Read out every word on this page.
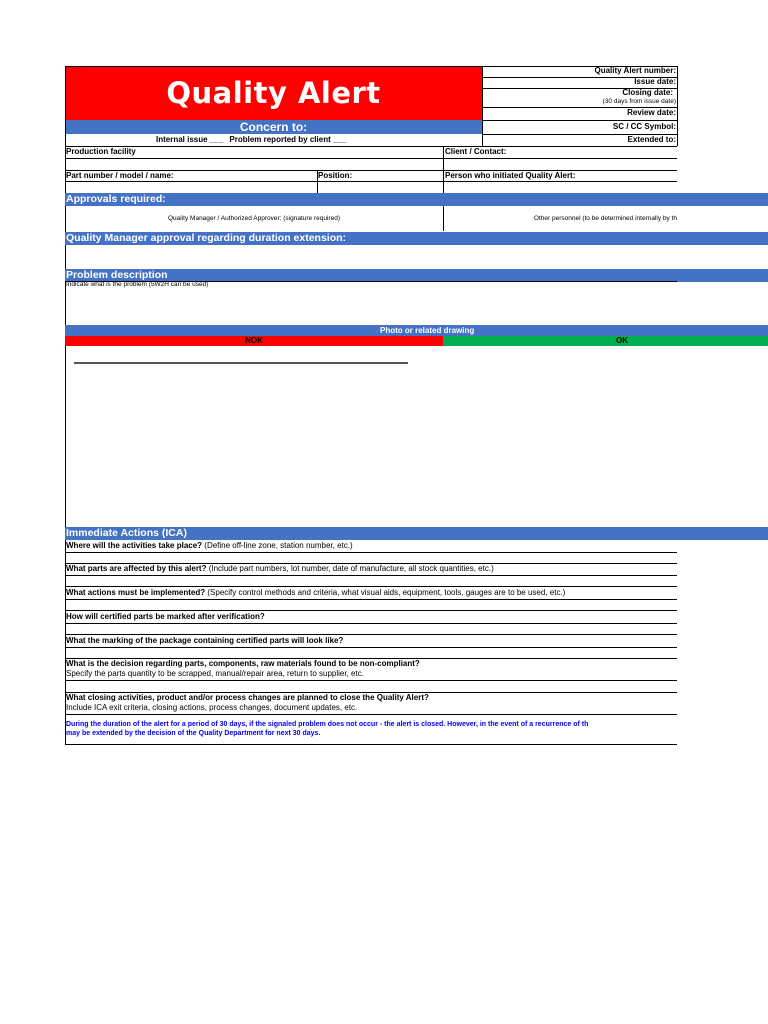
Quality Alert
Quality Alert number:
Issue date:
Closing date:
(30 days from issue date)
Review date:
SC / CC Symbol:
Extended to:
Concern to:
Internal issue ___ Problem reported by client ___
Production facility	Client / Contact:
Part number / model / name:	Position:	Person who initiated Quality Alert:
Approvals required:
Quality Manager / Authorized Approver: (signature required)	Other personnel (to be determined internally by th
Quality Manager approval regarding duration extension:
Problem description
Indicate what is the problem (5W2H can be used)
Photo or related drawing
NOK	OK
Immediate Actions (ICA)
Where will the activities take place? (Define off-line zone, station number, etc.)
What parts are affected by this alert? (Include part numbers, lot number, date of manufacture, all stock quantities, etc.)
What actions must be implemented? (Specify control methods and criteria, what visual aids, equipment, tools, gauges are to be used, etc.)
How will certified parts be marked after verification?
What the marking of the package containing certified parts will look like?
What is the decision regarding parts, components, raw materials found to be non-compliant?
Specify the parts quantity to be scrapped, manual/repair area, return to supplier, etc.
What closing activities, product and/or process changes are planned to close the Quality Alert?
Include ICA exit criteria, closing actions, process changes, document updates, etc.
During the duration of the alert for a period of 30 days, if the signaled problem does not occur - the alert is closed. However, in the event of a recurrence of th
may be extended by the decision of the Quality Department for next 30 days.
